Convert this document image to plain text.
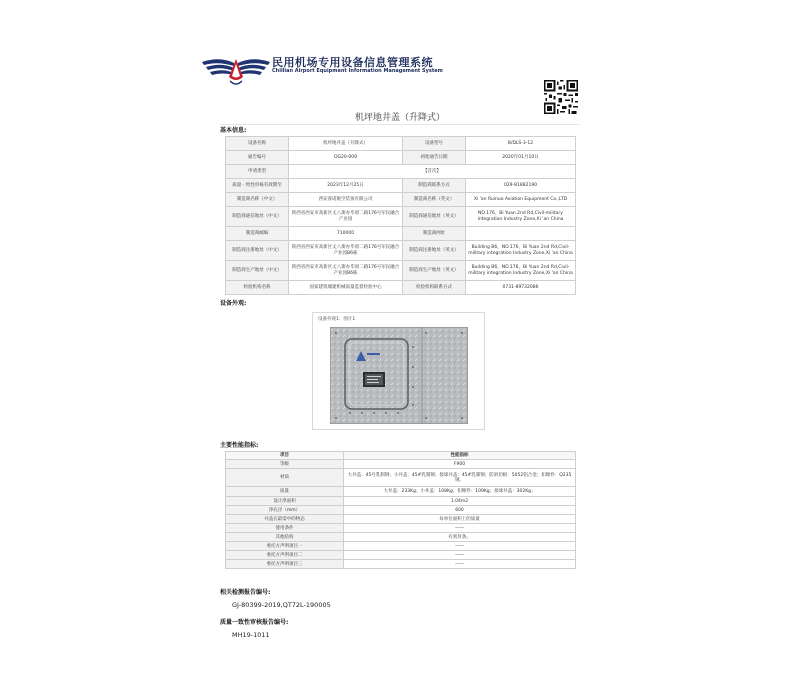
民用机场专用设备信息管理系统
Chillian Airport Equipment Information Management System
机坪地井盖（升降式）
基本信息:
设备名称	机坪地井盖（升降式）	设备型号	B/DLS-3-12
通告编号	OG20-009	初始通告日期	2020年01月10日
申请类型	【首次】		
质量一致性审核有效期至	2023年12月25日	制造商联系方式	029-81882190
制造商名称（中文）	西安睿诺航空装备有限公司	制造商名称（英文）	Xi 'an Ruinuo Aviation Equipment Co.,LTD
制造商通信地址（中文）	陕西省西安市高新区丈八街办毕原二路176号军民融合产业园	制造商通信地址（英文）	NO.176，Bi Yuan 2nd Rd,Civil-military integration Industry Zone,Xi 'an China
制造商邮编	710000	制造商网址	
制造商注册地址（中文）	陕西省西安市高新区丈八街办毕原二路176号军民融合产业园B6栋	制造商注册地址（英文）	Building B6，NO.176，Bi Yuan 2nd Rd,Civil-military integration Industry Zone,Xi 'an China
制造商生产地址（中文）	陕西省西安市高新区丈八街办毕原二路176号军民融合产业园B6栋	制造商生产地址（英文）	Building B6，NO.176，Bi Yuan 2nd Rd,Civil-military integration Industry Zone,Xi 'an China
检验机构名称	国家建筑城建机械质量监督检验中心	检验机构联系方式	0731-89732086
设备外观:
设备外观1：图片1
主要性能指标:
项目	性能指标
等级	F900
材质	大井盖：45号乳制钢；小井盖：45#乳制钢；接球井盖：45#乳制钢；防滑切板：5052铝合金；扣爆件：Q235钢。
质量	大井盖：233Kg；小井盖：108Kg；扣爆件：109Kg；接球井盖：302Kg；
设计净面积	1.04m2
净孔径（mm）	600
井盖在最需中的物态	每单位面积上的质量
使用条件	——
其他结构	有密封条。
委托方声明项目一	——
委托方声明项目二	——
委托方声明项目三	——
相关检测报告编号:
GJ-80399-2019,QT72L-190005
质量一致性审核报告编号:
MH19-1011
